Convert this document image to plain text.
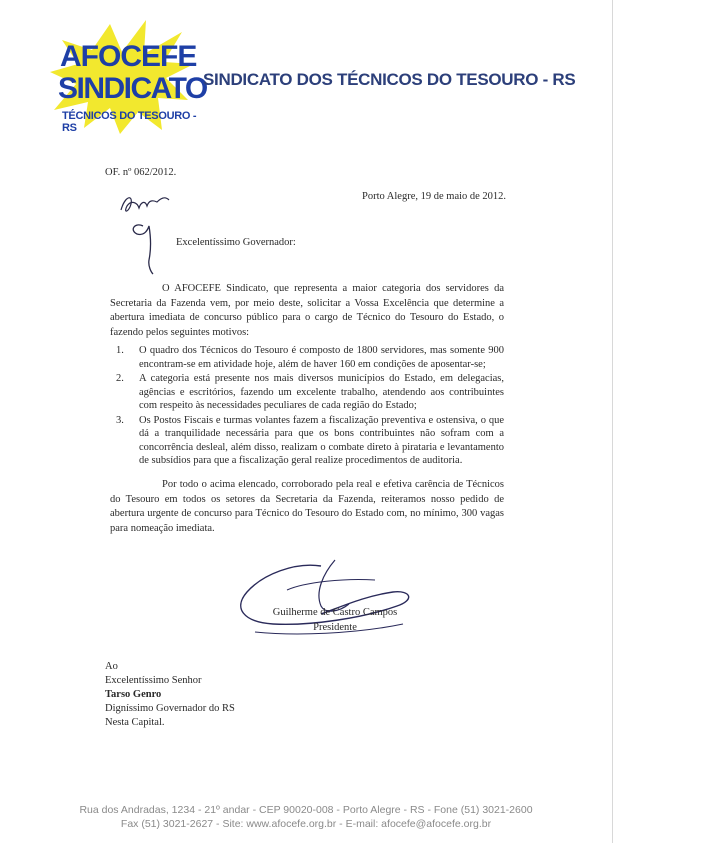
AFOCEFE
SINDICATO
TÉCNICOS DO TESOURO - RS
SINDICATO DOS TÉCNICOS DO TESOURO - RS
OF. nº 062/2012.
Porto Alegre, 19 de maio de 2012.
Excelentíssimo Governador:
O AFOCEFE Sindicato, que representa a maior categoria dos servidores da Secretaria da Fazenda vem, por meio deste, solicitar a Vossa Excelência que determine a abertura imediata de concurso público para o cargo de Técnico do Tesouro do Estado, o fazendo pelos seguintes motivos:
1. O quadro dos Técnicos do Tesouro é composto de 1800 servidores, mas somente 900 encontram-se em atividade hoje, além de haver 160 em condições de aposentar-se;
2. A categoria está presente nos mais diversos municípios do Estado, em delegacias, agências e escritórios, fazendo um excelente trabalho, atendendo aos contribuintes com respeito às necessidades peculiares de cada região do Estado;
3. Os Postos Fiscais e turmas volantes fazem a fiscalização preventiva e ostensiva, o que dá a tranquilidade necessária para que os bons contribuintes não sofram com a concorrência desleal, além disso, realizam o combate direto à pirataria e levantamento de subsídios para que a fiscalização geral realize procedimentos de auditoria.
Por todo o acima elencado, corroborado pela real e efetiva carência de Técnicos do Tesouro em todos os setores da Secretaria da Fazenda, reiteramos nosso pedido de abertura urgente de concurso para Técnico do Tesouro do Estado com, no mínimo, 300 vagas para nomeação imediata.
Guilherme de Castro Campos
Presidente
Ao
Excelentíssimo Senhor
Tarso Genro
Digníssimo Governador do RS
Nesta Capital.
Rua dos Andradas, 1234 - 21º andar - CEP 90020-008 - Porto Alegre - RS - Fone (51) 3021-2600
Fax (51) 3021-2627 - Site: www.afocefe.org.br - E-mail: afocefe@afocefe.org.br
